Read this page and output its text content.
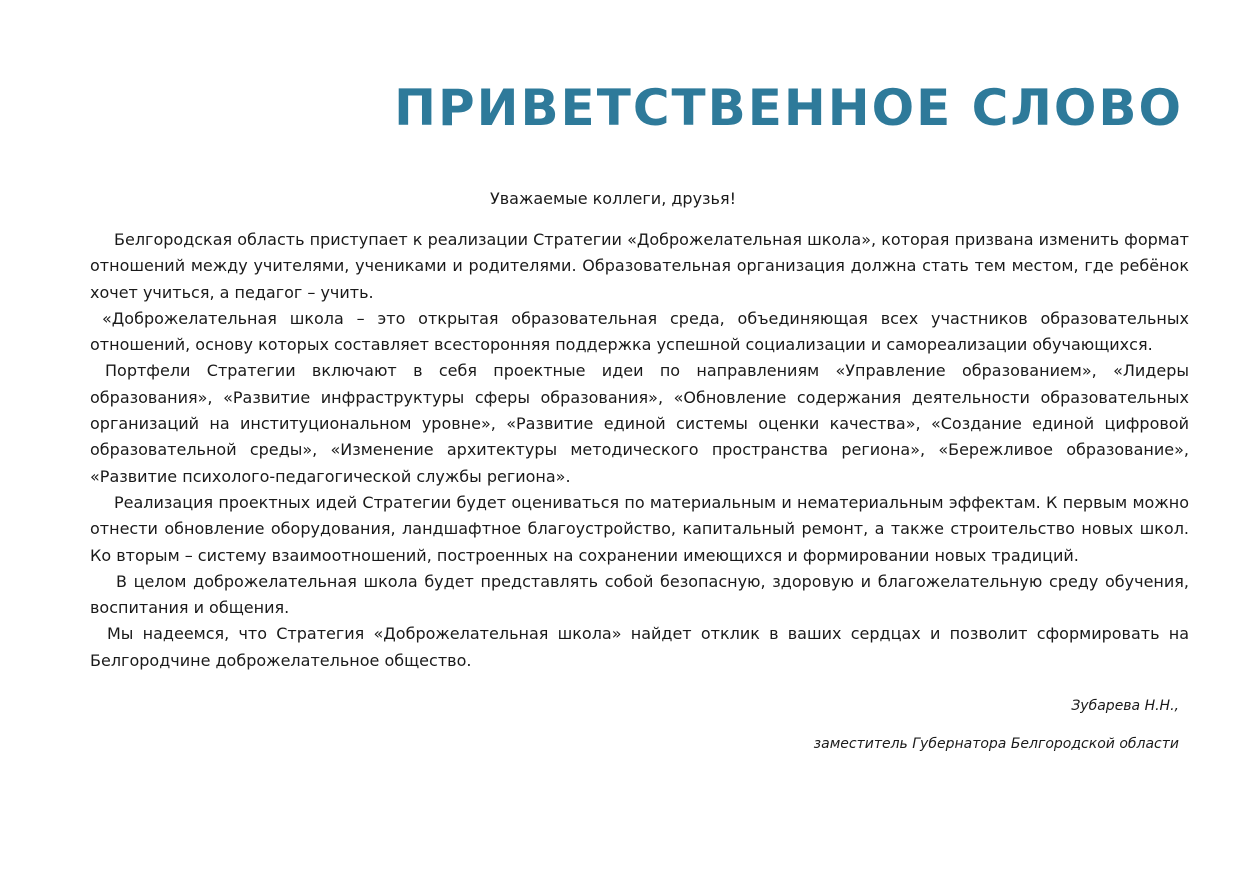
ПРИВЕТСТВЕННОЕ СЛОВО

Уважаемые коллеги, друзья!

Белгородская область приступает к реализации Стратегии «Доброжелательная школа», которая призвана изменить формат отношений между учителями, учениками и родителями. Образовательная организация должна стать тем местом, где ребёнок хочет учиться, а педагог – учить.

«Доброжелательная школа – это открытая образовательная среда, объединяющая всех участников образовательных отношений, основу которых составляет всесторонняя поддержка успешной социализации и самореализации обучающихся.

Портфели Стратегии включают в себя проектные идеи по направлениям «Управление образованием», «Лидеры образования», «Развитие инфраструктуры сферы образования», «Обновление содержания деятельности образовательных организаций на институциональном уровне», «Развитие единой системы оценки качества», «Создание единой цифровой образовательной среды», «Изменение архитектуры методического пространства региона», «Бережливое образование», «Развитие психолого-педагогической службы региона».

Реализация проектных идей Стратегии будет оцениваться по материальным и нематериальным эффектам. К первым можно отнести обновление оборудования, ландшафтное благоустройство, капитальный ремонт, а также строительство новых школ. Ко вторым – систему взаимоотношений, построенных на сохранении имеющихся и формировании новых традиций.

В целом доброжелательная школа будет представлять собой безопасную, здоровую и благожелательную среду обучения, воспитания и общения.

Мы надеемся, что Стратегия «Доброжелательная школа» найдет отклик в ваших сердцах и позволит сформировать на Белгородчине доброжелательное общество.

Зубарева Н.Н.,

заместитель Губернатора Белгородской области
